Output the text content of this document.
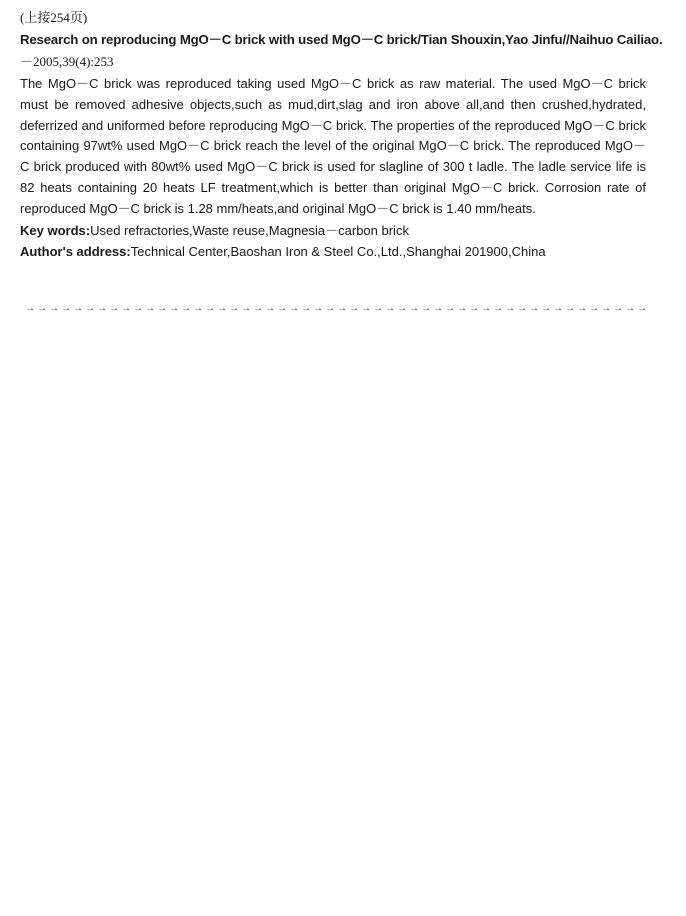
(上接254页)
Research on reproducing MgO－C brick with used MgO－C brick/Tian Shouxin,Yao Jinfu//Naihuo Cailiao.
－2005,39(4):253

The MgO－C brick was reproduced taking used MgO－C brick as raw material. The used MgO－C brick must be removed adhesive objects,such as mud,dirt,slag and iron above all,and then crushed,hydrated, deferrized and uniformed before reproducing MgO－C brick. The properties of the reproduced MgO－C brick containing 97wt% used MgO－C brick reach the level of the original MgO－C brick. The reproduced MgO－C brick produced with 80wt% used MgO－C brick is used for slagline of 300 t ladle. The ladle service life is 82 heats containing 20 heats LF treatment,which is better than original MgO－C brick. Corrosion rate of reproduced MgO－C brick is 1.28 mm/heats,and original MgO－C brick is 1.40 mm/heats.

Key words:Used refractories,Waste reuse,Magnesia－carbon brick
Author's address:Technical Center,Baoshan Iron & Steel Co.,Ltd.,Shanghai 201900,China
